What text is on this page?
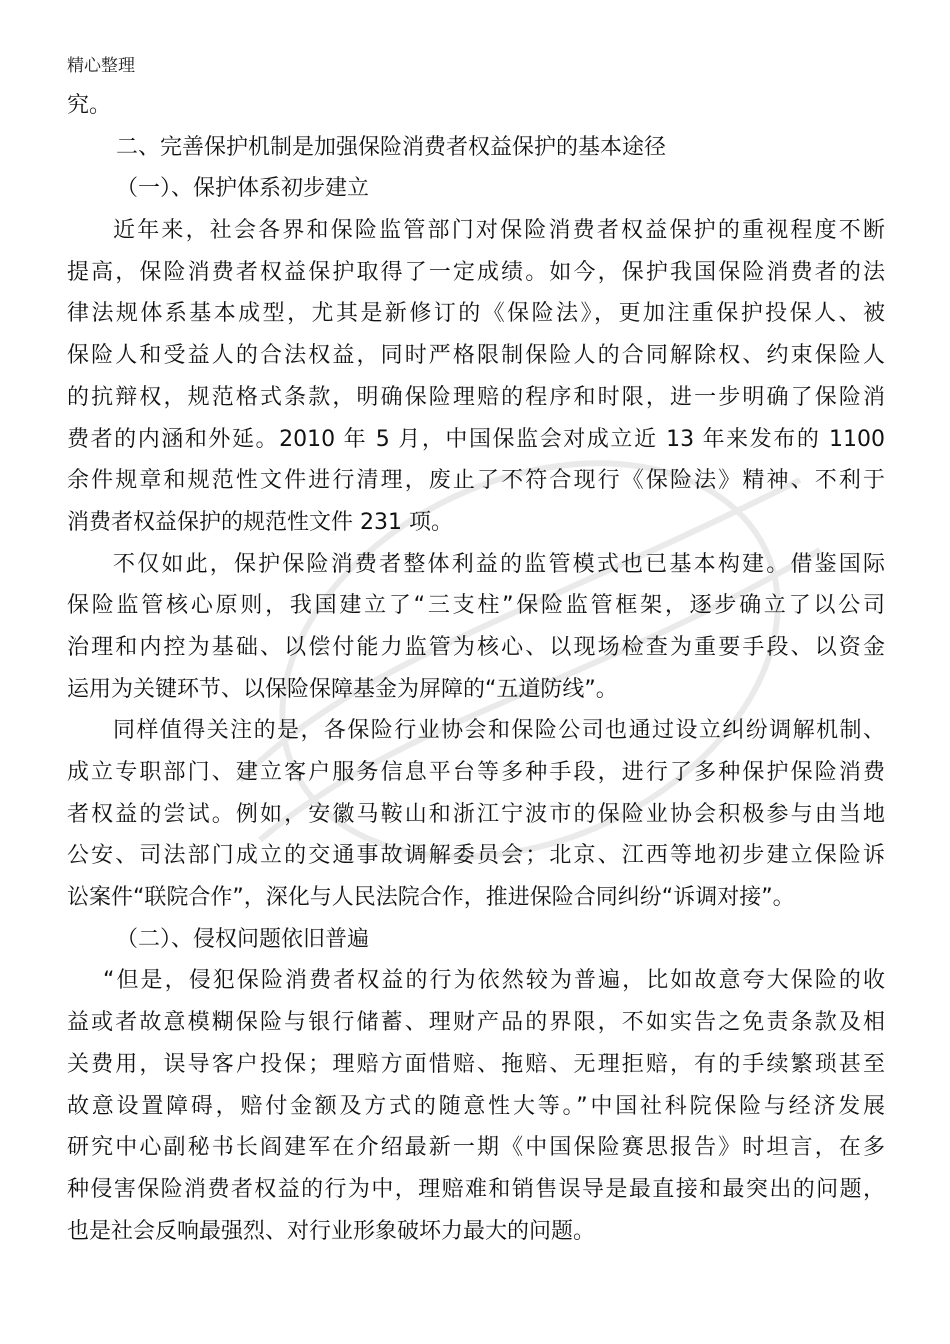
精心整理
究。
二、完善保护机制是加强保险消费者权益保护的基本途径
（一）、保护体系初步建立
近年来，社会各界和保险监管部门对保险消费者权益保护的重视程度不断
提高，保险消费者权益保护取得了一定成绩。如今，保护我国保险消费者的法
律法规体系基本成型，尤其是新修订的《保险法》，更加注重保护投保人、被
保险人和受益人的合法权益，同时严格限制保险人的合同解除权、约束保险人
的抗辩权，规范格式条款，明确保险理赔的程序和时限，进一步明确了保险消
费者的内涵和外延。2010 年 5 月，中国保监会对成立近 13 年来发布的 1100
余件规章和规范性文件进行清理，废止了不符合现行《保险法》精神、不利于
消费者权益保护的规范性文件 231 项。
不仅如此，保护保险消费者整体利益的监管模式也已基本构建。借鉴国际
保险监管核心原则，我国建立了“三支柱”保险监管框架，逐步确立了以公司
治理和内控为基础、以偿付能力监管为核心、以现场检查为重要手段、以资金
运用为关键环节、以保险保障基金为屏障的“五道防线”。
同样值得关注的是，各保险行业协会和保险公司也通过设立纠纷调解机制、
成立专职部门、建立客户服务信息平台等多种手段，进行了多种保护保险消费
者权益的尝试。例如，安徽马鞍山和浙江宁波市的保险业协会积极参与由当地
公安、司法部门成立的交通事故调解委员会；北京、江西等地初步建立保险诉
讼案件“联院合作”，深化与人民法院合作，推进保险合同纠纷“诉调对接”。
（二）、侵权问题依旧普遍
“但是，侵犯保险消费者权益的行为依然较为普遍，比如故意夸大保险的收
益或者故意模糊保险与银行储蓄、理财产品的界限，不如实告之免责条款及相
关费用，误导客户投保；理赔方面惜赔、拖赔、无理拒赔，有的手续繁琐甚至
故意设置障碍，赔付金额及方式的随意性大等。”中国社科院保险与经济发展
研究中心副秘书长阎建军在介绍最新一期《中国保险赛思报告》时坦言，在多
种侵害保险消费者权益的行为中，理赔难和销售误导是最直接和最突出的问题，
也是社会反响最强烈、对行业形象破坏力最大的问题。
